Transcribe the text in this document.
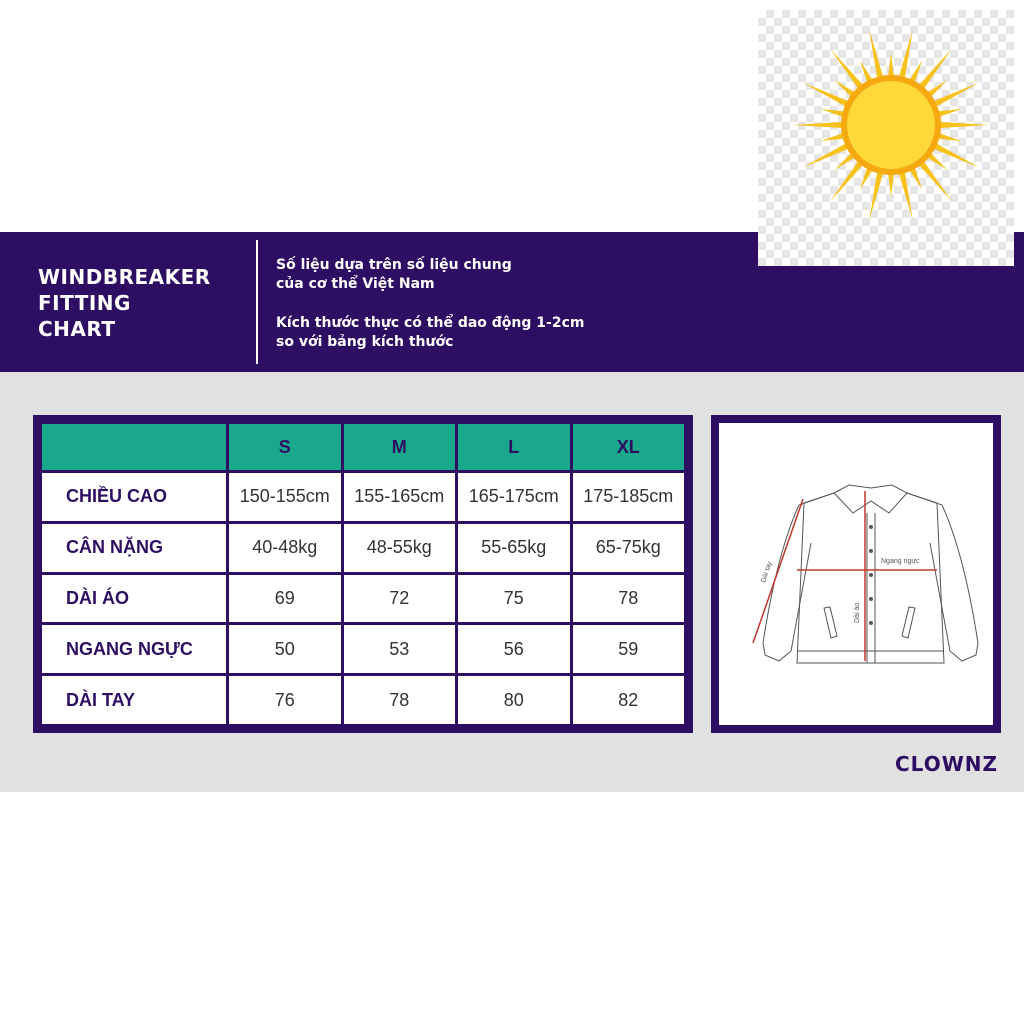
WINDBREAKER
FITTING
CHART
Số liệu dựa trên số liệu chung
của cơ thể Việt Nam
Kích thước thực có thể dao động 1-2cm
so với bảng kích thước
	S	M	L	XL
CHIỀU CAO	150-155cm	155-165cm	165-175cm	175-185cm
CÂN NẶNG	40-48kg	48-55kg	55-65kg	65-75kg
DÀI ÁO	69	72	75	78
NGANG NGỰC	50	53	56	59
DÀI TAY	76	78	80	82
Dài tay
Dài áo
Ngang ngực
CLOWNZ
